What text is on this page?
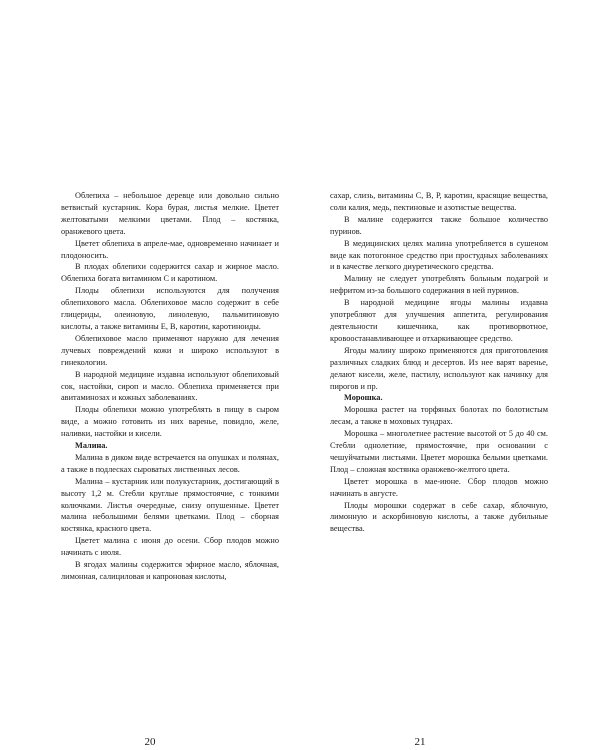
Облепиха – небольшое деревце или довольно сильно ветвистый кустарник. Кора бурая, листья мелкие. Цветет желтоватыми мелкими цветами. Плод – костянка, оранжевого цвета.

Цветет облепиха в апреле-мае, одновременно начинает и плодоносить.

В плодах облепихи содержится сахар и жирное масло. Облепиха богата витамином С и каротином.

Плоды облепихи используются для получения облепихового масла. Облепиховое масло содержит в себе глицериды, олеиновую, линолевую, пальмитиновую кислоты, а также витамины Е, В, каротин, каротиноиды.

Облепиховое масло применяют наружно для лечения лучевых повреждений кожи и широко используют в гинекологии.

В народной медицине издавна используют облепиховый сок, настойки, сироп и масло. Облепиха применяется при авитаминозах и кожных заболеваниях.

Плоды облепихи можно употреблять в пищу в сыром виде, а можно готовить из них варенье, повидло, желе, наливки, настойки и кисели.

Малина.

Малина в диком виде встречается на опушках и полянах, а также в подлесках сыроватых лиственных лесов.

Малина – кустарник или полукустарник, достигающий в высоту 1,2 м. Стебли круглые прямостоячие, с тонкими колючками. Листья очередные, снизу опушенные. Цветет малина небольшими белями цветками. Плод – сборная костянка, красного цвета.

Цветет малина с июня до осени. Сбор плодов можно начинать с июля.

В ягодах малины содержится эфирное масло, яблочная, лимонная, салициловая и капроновая кислоты,

сахар, слизь, витамины С, В, Р, каротин, красящие вещества, соли калия, медь, пектиновые и азотистые вещества.

В малине содержится также большое количество пуринов.

В медицинских целях малина употребляется в сушеном виде как потогонное средство при простудных заболеваниях и в качестве легкого диуретического средства.

Малину не следует употреблять больным подагрой и нефритом из-за большого содержания в ней пуринов.

В народной медицине ягоды малины издавна употребляют для улучшения аппетита, регулирования деятельности кишечника, как противорвотное, кровоостанавливающее и отхаркивающее средство.

Ягоды малину широко применяются для приготовления различных сладких блюд и десертов. Из нее варят варенье, делают кисели, желе, пастилу, используют как начинку для пирогов и пр.

Морошка.

Морошка растет на торфяных болотах по болотистым лесам, а также в моховых тундрах.

Морошка – многолетнее растение высотой от 5 до 40 см. Стебли однолетние, прямостоячие, при основании с чешуйчатыми листьями. Цветет морошка белыми цветками. Плод – сложная костянка оранжево-желтого цвета.

Цветет морошка в мае-июне. Сбор плодов можно начинать в августе.

Плоды морошки содержат в себе сахар, яблочную, лимонную и аскорбиновую кислоты, а также дубильные вещества.

20	21
